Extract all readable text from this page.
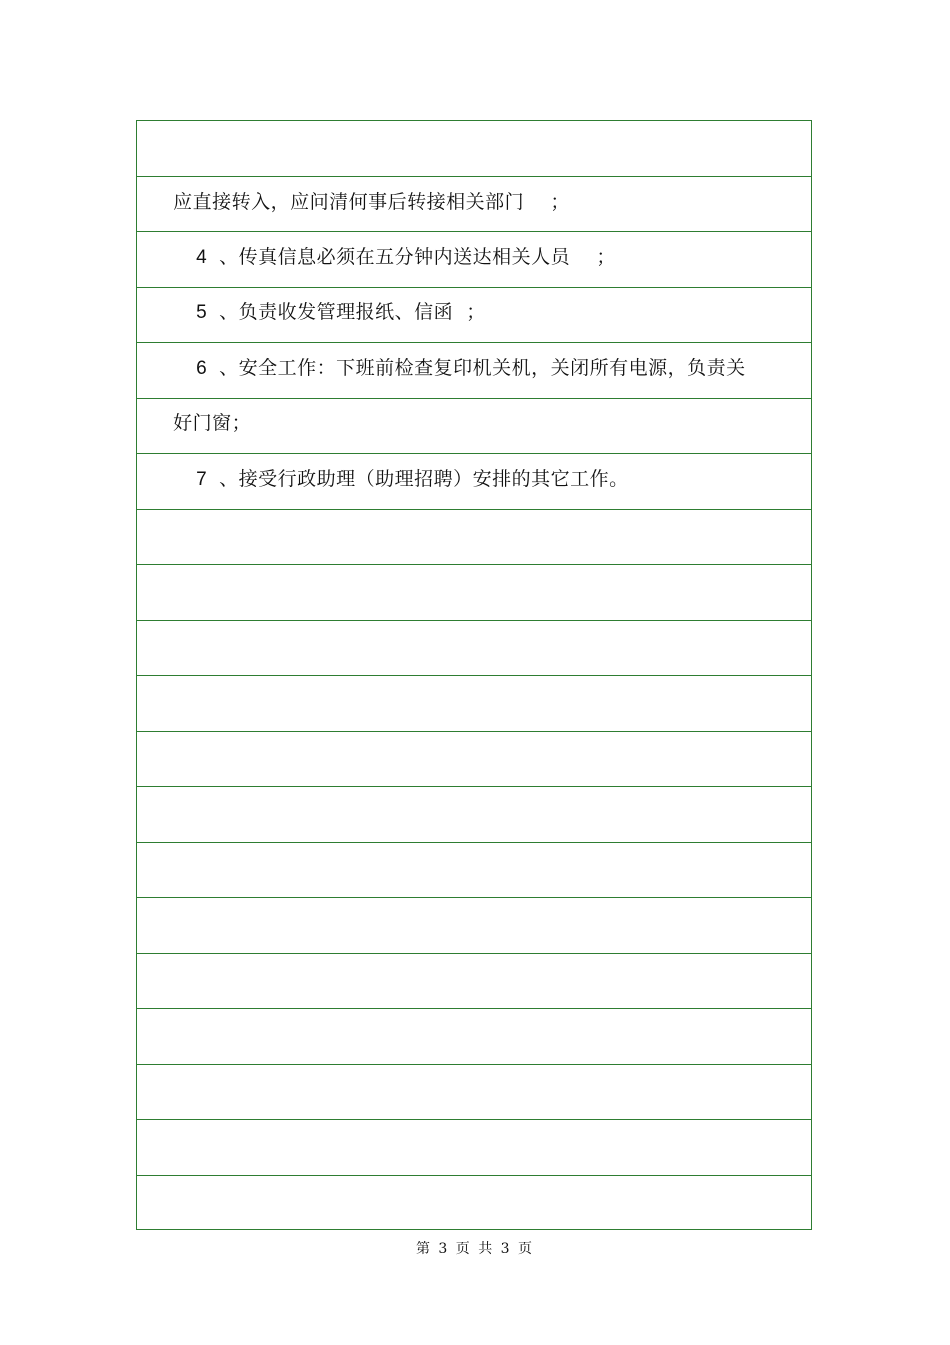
应直接转入，应问清何事后转接相关部门    ；

4 、传真信息必须在五分钟内送达相关人员    ；

5 、负责收发管理报纸、信函  ；

6 、安全工作：下班前检查复印机关机，关闭所有电源，负责关

好门窗；

7 、接受行政助理（助理招聘）安排的其它工作。

第 3 页 共 3 页
